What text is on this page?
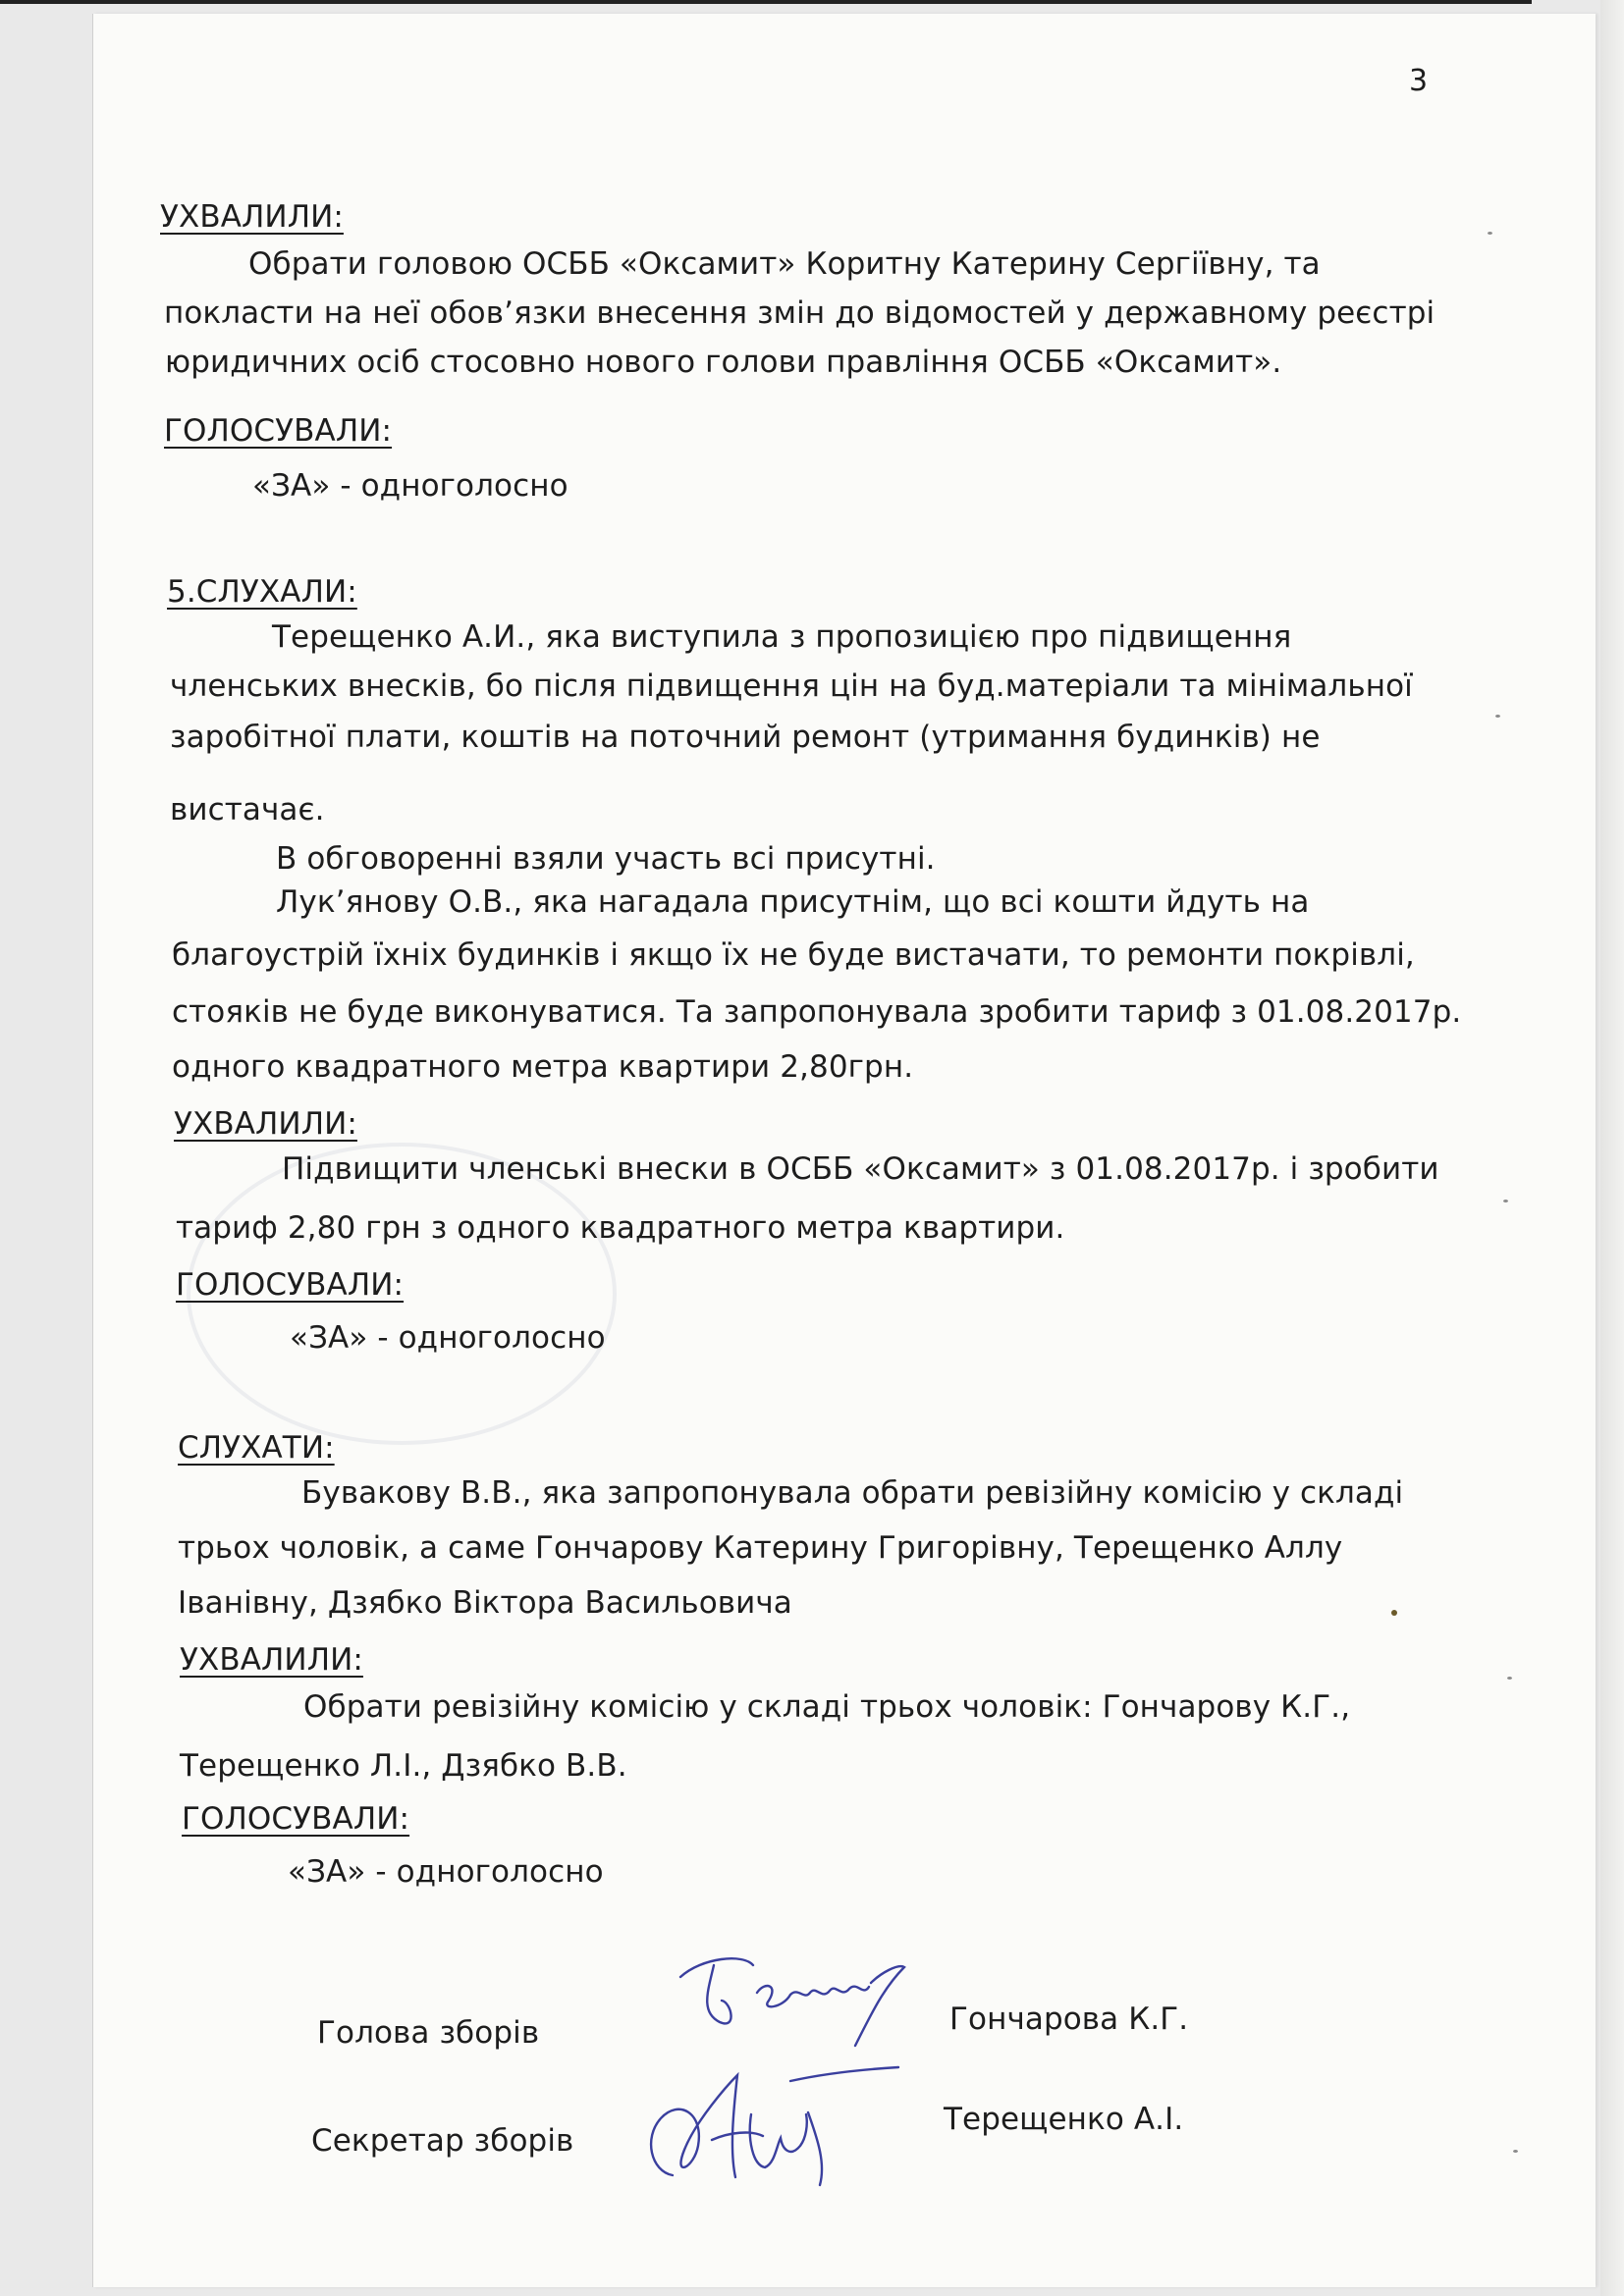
3
УХВАЛИЛИ:
Обрати головою ОСББ «Оксамит» Коритну Катерину Сергіївну, та
покласти на неї обов’язки внесення змін до відомостей у державному реєстрі
юридичних осіб стосовно нового голови правління ОСББ «Оксамит».
ГОЛОСУВАЛИ:
«ЗА» - одноголосно
5.СЛУХАЛИ:
Терещенко А.И., яка виступила з пропозицією про підвищення
членських внесків, бо після підвищення цін на буд.матеріали та мінімальної
заробітної плати, коштів на поточний ремонт (утримання будинків) не
вистачає.
В обговоренні взяли участь всі присутні.
Лук’янову О.В., яка нагадала присутнім, що всі кошти йдуть на
благоустрій їхніх будинків і якщо їх не буде вистачати, то ремонти покрівлі,
стояків не буде виконуватися. Та запропонувала зробити тариф з 01.08.2017р.
одного квадратного метра квартири 2,80грн.
УХВАЛИЛИ:
Підвищити членські внески в ОСББ «Оксамит» з 01.08.2017р. і зробити
тариф 2,80 грн з одного квадратного метра квартири.
ГОЛОСУВАЛИ:
«ЗА» - одноголосно
СЛУХАТИ:
Бувакову В.В., яка запропонувала обрати ревізійну комісію у складі
трьох чоловік, а саме Гончарову Катерину Григорівну, Терещенко Аллу
Іванівну, Дзябко Віктора Васильовича
УХВАЛИЛИ:
Обрати ревізійну комісію у складі трьох чоловік: Гончарову К.Г.,
Терещенко Л.І., Дзябко В.В.
ГОЛОСУВАЛИ:
«ЗА» - одноголосно
Голова зборів	Гончарова К.Г.
Секретар зборів
Терещенко А.І.
